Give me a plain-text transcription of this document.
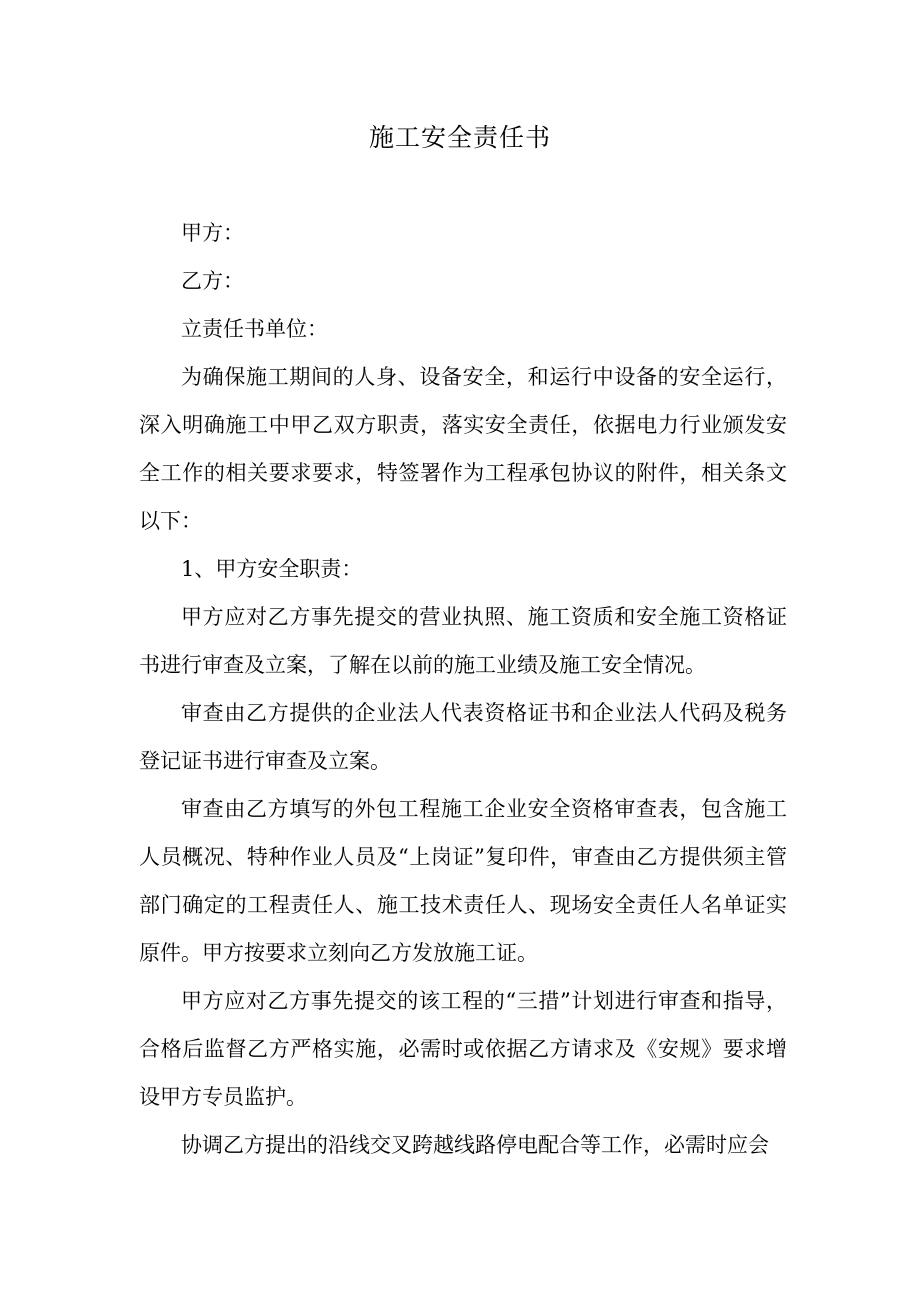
施工安全责任书

甲方：

乙方：

立责任书单位：

为确保施工期间的人身、设备安全，和运行中设备的安全运行，深入明确施工中甲乙双方职责，落实安全责任，依据电力行业颁发安全工作的相关要求要求，特签署作为工程承包协议的附件，相关条文以下：

1、甲方安全职责：

甲方应对乙方事先提交的营业执照、施工资质和安全施工资格证书进行审查及立案，了解在以前的施工业绩及施工安全情况。

审查由乙方提供的企业法人代表资格证书和企业法人代码及税务登记证书进行审查及立案。

审查由乙方填写的外包工程施工企业安全资格审查表，包含施工人员概况、特种作业人员及“上岗证”复印件，审查由乙方提供须主管部门确定的工程责任人、施工技术责任人、现场安全责任人名单证实原件。甲方按要求立刻向乙方发放施工证。

甲方应对乙方事先提交的该工程的“三措”计划进行审查和指导，合格后监督乙方严格实施，必需时或依据乙方请求及《安规》要求增设甲方专员监护。

协调乙方提出的沿线交叉跨越线路停电配合等工作，必需时应会
